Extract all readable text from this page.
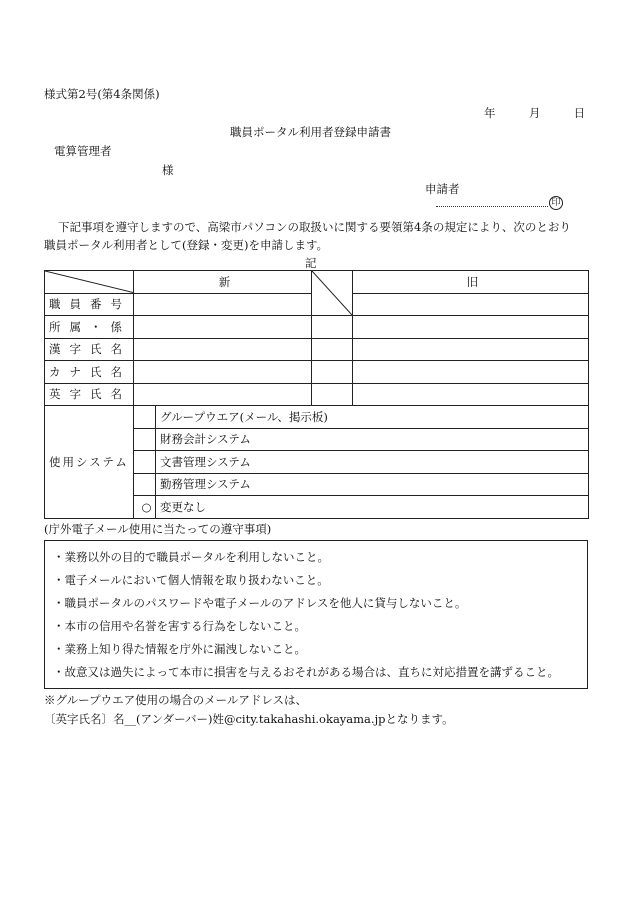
様式第2号(第4条関係)
年	月	日
職員ポータル利用者登録申請書
電算管理者
様
申請者
印
下記事項を遵守しますので、高梁市パソコンの取扱いに関する要領第4条の規定により、次のとおり
職員ポータル利用者として(登録・変更)を申請します。
記
	新			旧
職員番号				
所属・係				
漢字氏名				
カナ氏名				
英字氏名				
使用システム		グループウエア(メール、掲示板)		
		財務会計システム		
		文書管理システム		
		勤務管理システム		
	○	変更なし		
(庁外電子メール使用に当たっての遵守事項)
・業務以外の目的で職員ポータルを利用しないこと。
・電子メールにおいて個人情報を取り扱わないこと。
・職員ポータルのパスワードや電子メールのアドレスを他人に貸与しないこと。
・本市の信用や名誉を害する行為をしないこと。
・業務上知り得た情報を庁外に漏洩しないこと。
・故意又は過失によって本市に損害を与えるおそれがある場合は、直ちに対応措置を講ずること。
※グループウエア使用の場合のメールアドレスは、
〔英字氏名〕名__(アンダーバー)姓@city.takahashi.okayama.jpとなります。
